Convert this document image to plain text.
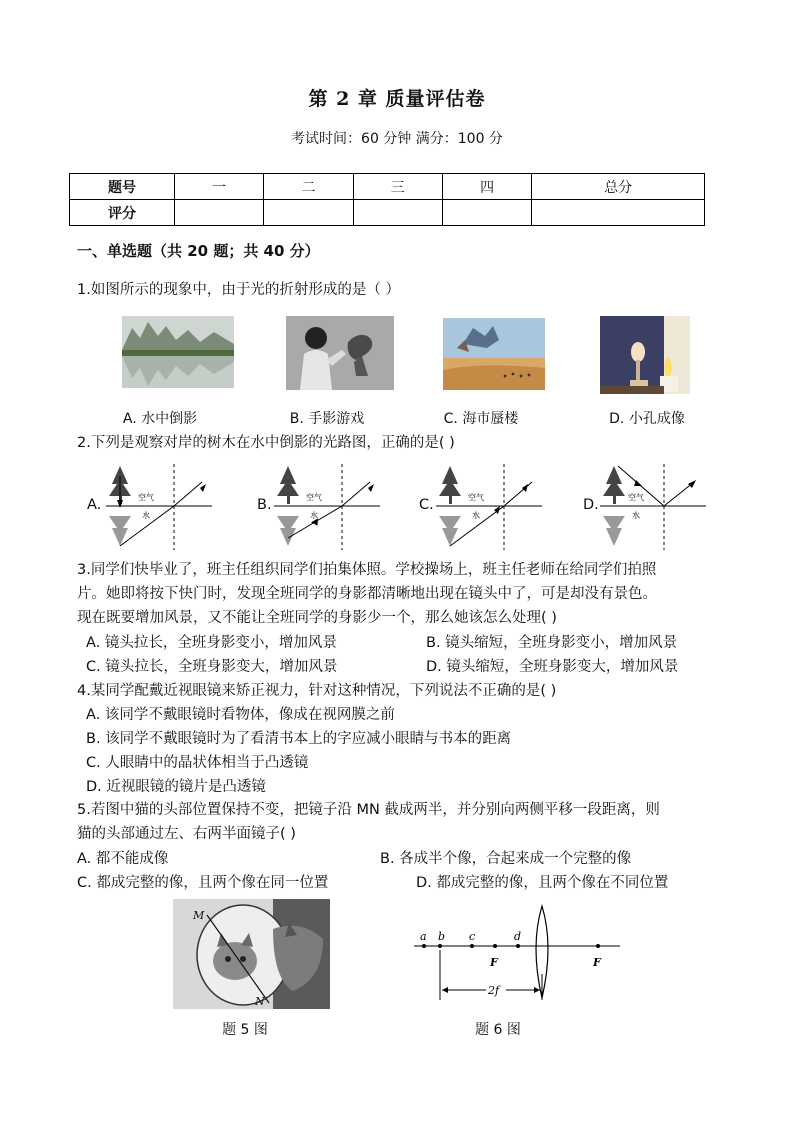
第 2 章 质量评估卷
考试时间：60 分钟 满分：100 分
题号	一	二	三	四	总分
评分					
一、单选题（共 20 题；共 40 分）
1.如图所示的现象中，由于光的折射形成的是（ ）
A. 水中倒影	B. 手影游戏	C. 海市蜃楼	D. 小孔成像
2.下列是观察对岸的树木在水中倒影的光路图，正确的是( )
A.	空气
水
B.	空气
水
C.	空气
水
D.	空气
水
3.同学们快毕业了，班主任组织同学们拍集体照。学校操场上，班主任老师在给同学们拍照
片。她即将按下快门时，发现全班同学的身影都清晰地出现在镜头中了，可是却没有景色。
现在既要增加风景，又不能让全班同学的身影少一个，那么她该怎么处理( )
A. 镜头拉长，全班身影变小，增加风景	B. 镜头缩短，全班身影变小，增加风景
C. 镜头拉长，全班身影变大，增加风景	D. 镜头缩短，全班身影变大，增加风景
4.某同学配戴近视眼镜来矫正视力，针对这种情况，下列说法不正确的是( )
A. 该同学不戴眼镜时看物体，像成在视网膜之前
B. 该同学不戴眼镜时为了看清书本上的字应减小眼睛与书本的距离
C. 人眼睛中的晶状体相当于凸透镜
D. 近视眼镜的镜片是凸透镜
5.若图中猫的头部位置保持不变，把镜子沿 MN 截成两半，并分别向两侧平移一段距离，则
猫的头部通过左、右两半面镜子( )
A. 都不能成像	B. 各成半个像，合起来成一个完整的像
C. 都成完整的像，且两个像在同一位置	D. 都成完整的像，且两个像在不同位置
M
N
a b c	d
F	F
2f
题 5 图	题 6 图
